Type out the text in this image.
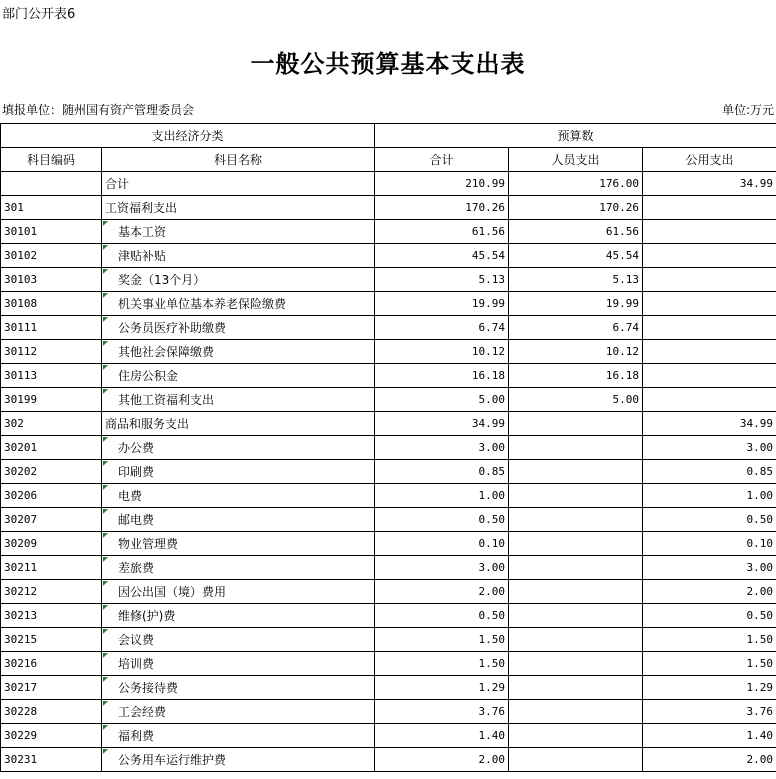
部门公开表6
一般公共预算基本支出表
填报单位：随州国有资产管理委员会	单位:万元
支出经济分类		预算数		
科目编码	科目名称	合计	人员支出	公用支出
	合计	210.99	176.00	34.99
301	工资福利支出	170.26	170.26	
30101	基本工资	61.56	61.56	
30102	津贴补贴	45.54	45.54	
30103	奖金（13个月）	5.13	5.13	
30108	机关事业单位基本养老保险缴费	19.99	19.99	
30111	公务员医疗补助缴费	6.74	6.74	
30112	其他社会保障缴费	10.12	10.12	
30113	住房公积金	16.18	16.18	
30199	其他工资福利支出	5.00	5.00	
302	商品和服务支出	34.99		34.99
30201	办公费	3.00		3.00
30202	印刷费	0.85		0.85
30206	电费	1.00		1.00
30207	邮电费	0.50		0.50
30209	物业管理费	0.10		0.10
30211	差旅费	3.00		3.00
30212	因公出国（境）费用	2.00		2.00
30213	维修(护)费	0.50		0.50
30215	会议费	1.50		1.50
30216	培训费	1.50		1.50
30217	公务接待费	1.29		1.29
30228	工会经费	3.76		3.76
30229	福利费	1.40		1.40
30231	公务用车运行维护费	2.00		2.00
